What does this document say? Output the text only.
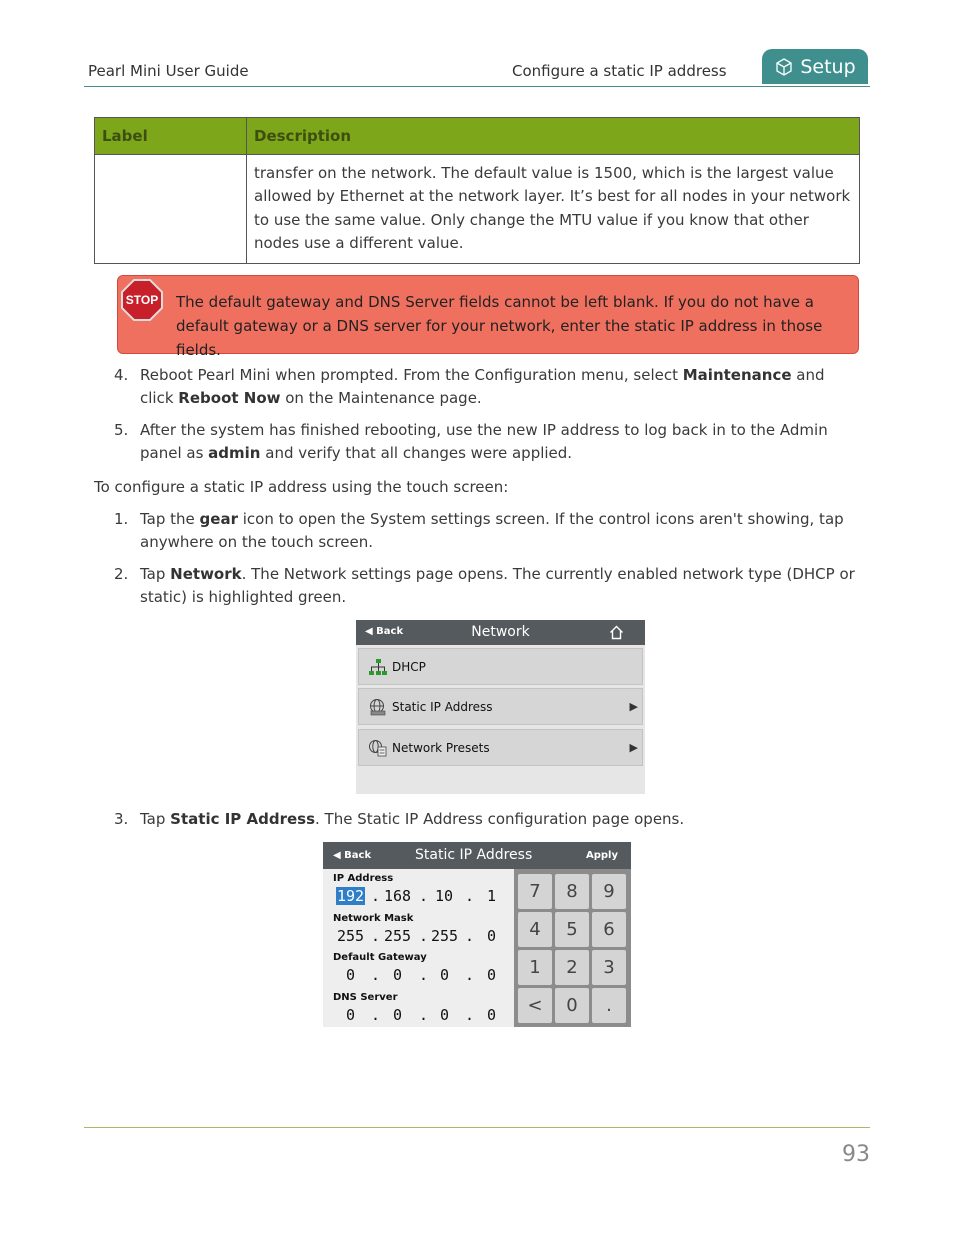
Pearl Mini User Guide	Configure a static IP address	Setup
Label	Description
	transfer on the network. The default value is 1500, which is the largest value allowed by Ethernet at the network layer. It’s best for all nodes in your network to use the same value. Only change the MTU value if you know that other nodes use a different value.
STOP The default gateway and DNS Server fields cannot be left blank. If you do not have a default gateway or a DNS server for your network, enter the static IP address in those fields.
4. Reboot Pearl Mini when prompted. From the Configuration menu, select Maintenance and click Reboot Now on the Maintenance page.
5. After the system has finished rebooting, use the new IP address to log back in to the Admin panel as admin and verify that all changes were applied.
To configure a static IP address using the touch screen:
1. Tap the gear icon to open the System settings screen. If the control icons aren't showing, tap anywhere on the touch screen.
2. Tap Network. The Network settings page opens. The currently enabled network type (DHCP or static) is highlighted green.
◀ Back	Network
DHCP
Static IP Address	▶
Network Presets	▶
3. Tap Static IP Address. The Static IP Address configuration page opens.
◀ Back	Static IP Address	Apply
IP Address
192 . 168 . 10 . 1
Network Mask
255 . 255 . 255 . 0
Default Gateway
0 . 0 . 0 . 0
DNS Server
0 . 0 . 0 . 0
7	8	9
4	5	6
1	2	3
<	0	.
93
